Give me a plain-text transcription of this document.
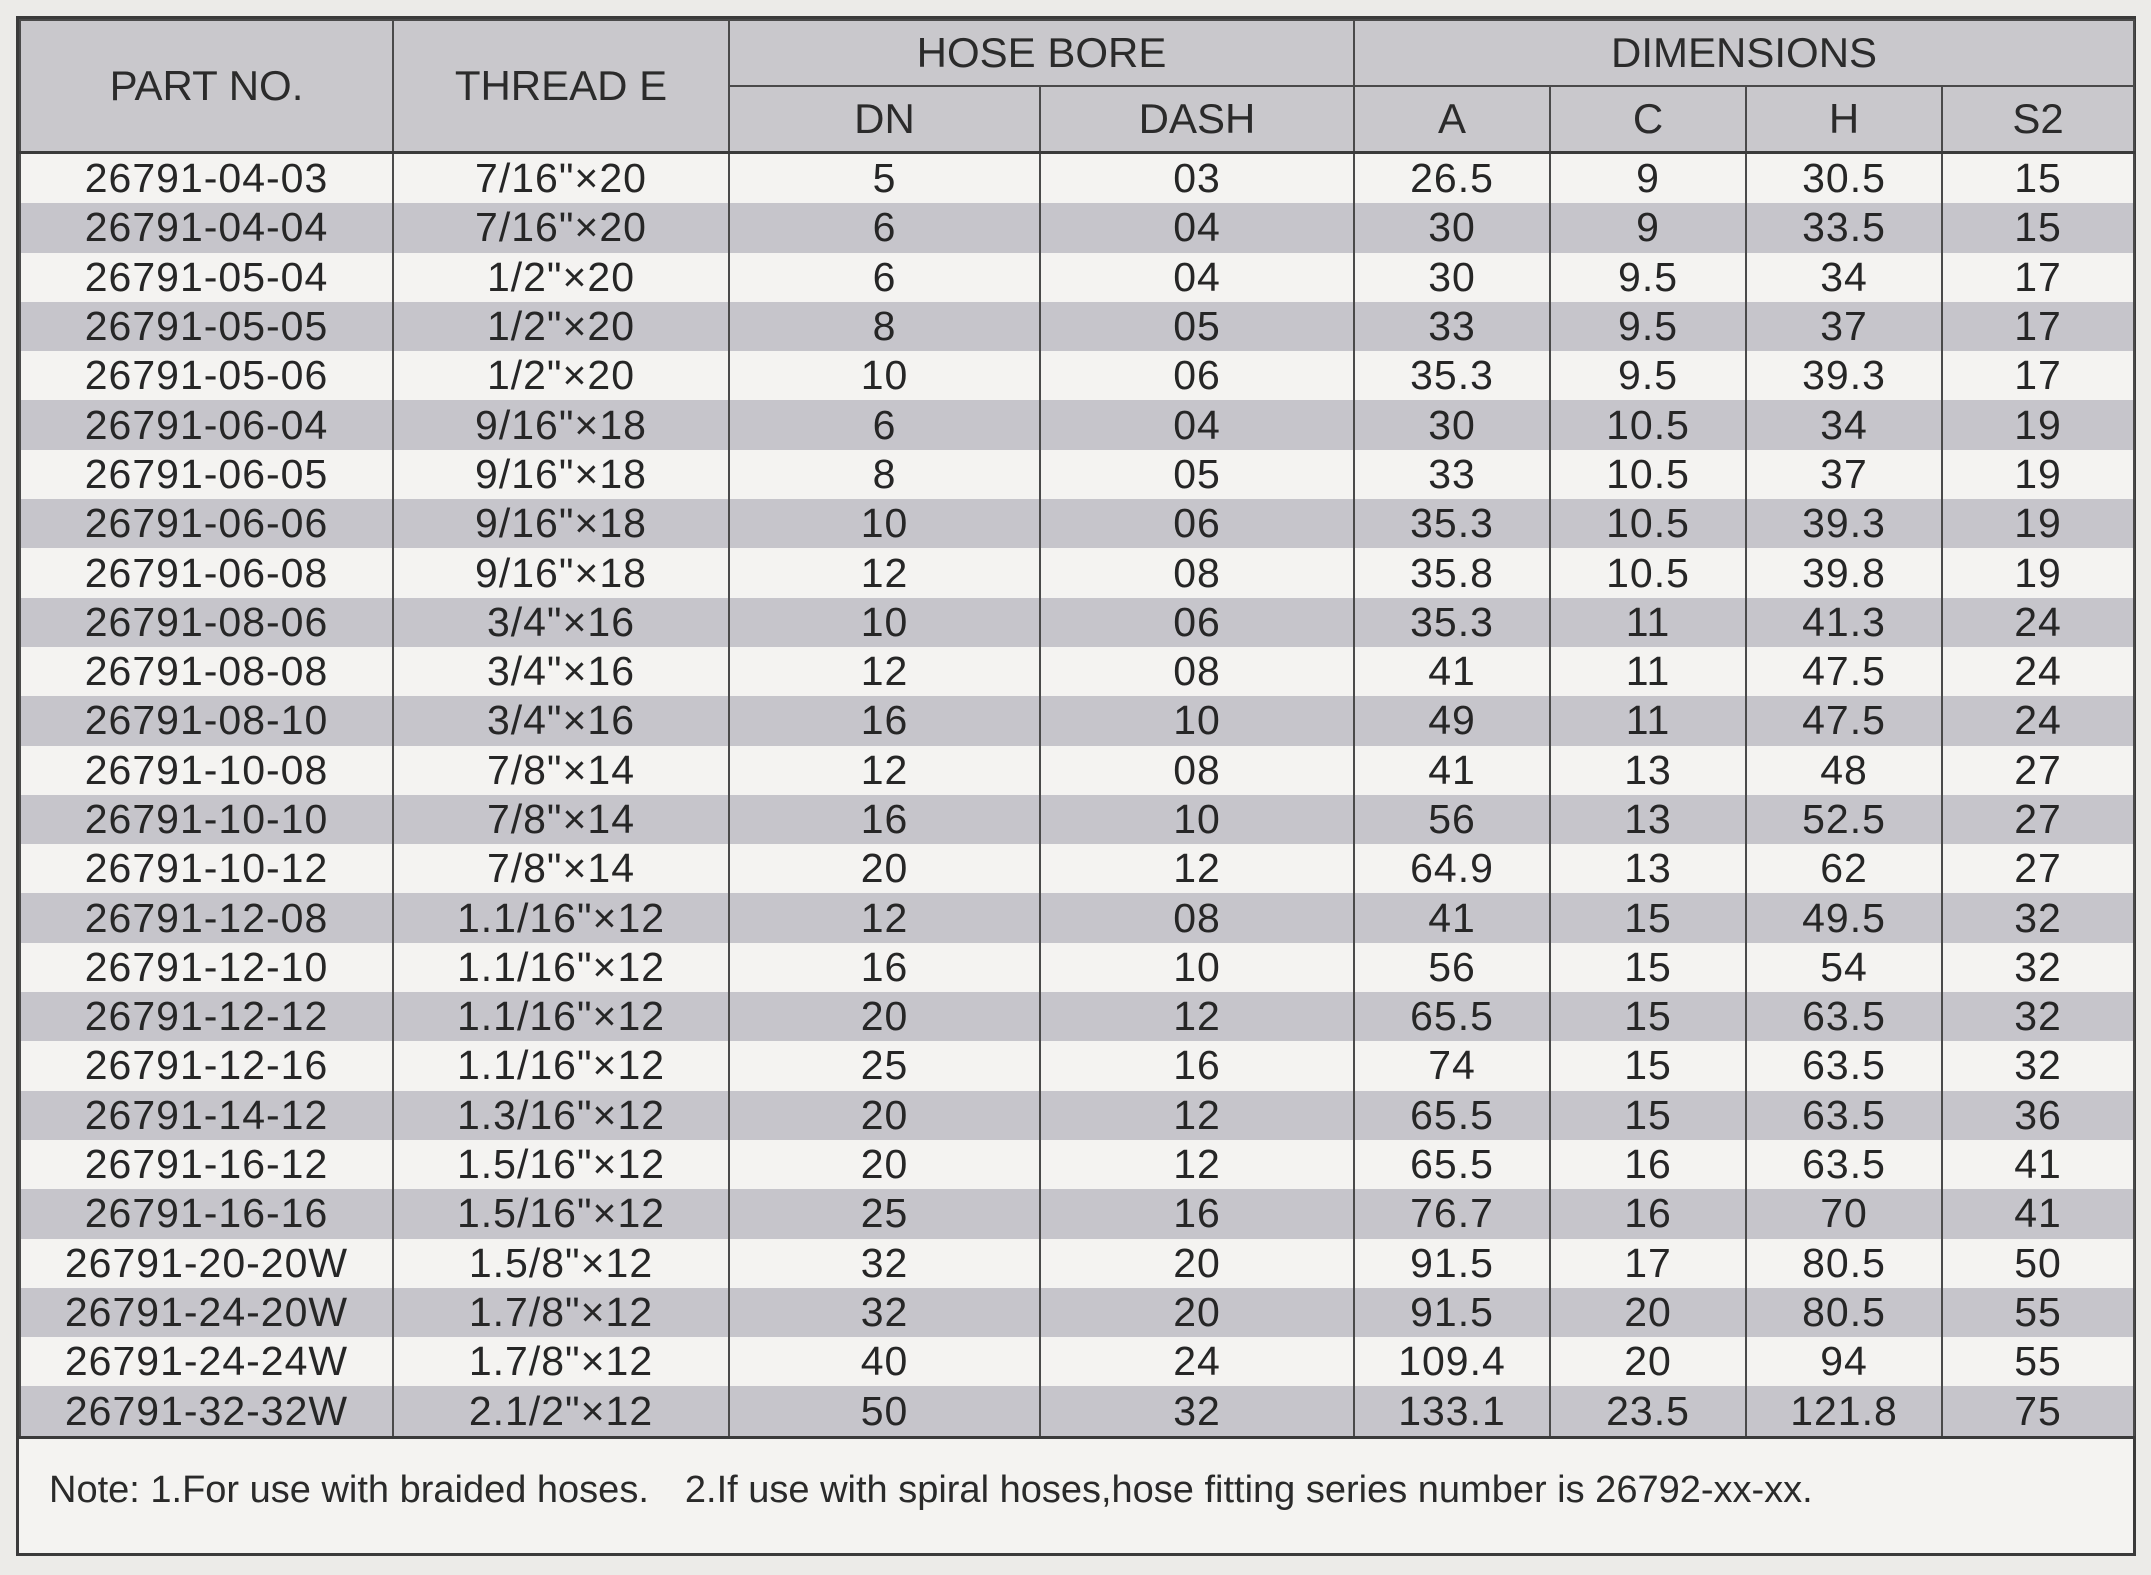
PART NO.	THREAD E	HOSE BORE		DIMENSIONS			
		DN	DASH	A	C	H	S2
26791-04-03	7/16"×20	5	03	26.5	9	30.5	15
26791-04-04	7/16"×20	6	04	30	9	33.5	15
26791-05-04	1/2"×20	6	04	30	9.5	34	17
26791-05-05	1/2"×20	8	05	33	9.5	37	17
26791-05-06	1/2"×20	10	06	35.3	9.5	39.3	17
26791-06-04	9/16"×18	6	04	30	10.5	34	19
26791-06-05	9/16"×18	8	05	33	10.5	37	19
26791-06-06	9/16"×18	10	06	35.3	10.5	39.3	19
26791-06-08	9/16"×18	12	08	35.8	10.5	39.8	19
26791-08-06	3/4"×16	10	06	35.3	11	41.3	24
26791-08-08	3/4"×16	12	08	41	11	47.5	24
26791-08-10	3/4"×16	16	10	49	11	47.5	24
26791-10-08	7/8"×14	12	08	41	13	48	27
26791-10-10	7/8"×14	16	10	56	13	52.5	27
26791-10-12	7/8"×14	20	12	64.9	13	62	27
26791-12-08	1.1/16"×12	12	08	41	15	49.5	32
26791-12-10	1.1/16"×12	16	10	56	15	54	32
26791-12-12	1.1/16"×12	20	12	65.5	15	63.5	32
26791-12-16	1.1/16"×12	25	16	74	15	63.5	32
26791-14-12	1.3/16"×12	20	12	65.5	15	63.5	36
26791-16-12	1.5/16"×12	20	12	65.5	16	63.5	41
26791-16-16	1.5/16"×12	25	16	76.7	16	70	41
26791-20-20W	1.5/8"×12	32	20	91.5	17	80.5	50
26791-24-20W	1.7/8"×12	32	20	91.5	20	80.5	55
26791-24-24W	1.7/8"×12	40	24	109.4	20	94	55
26791-32-32W	2.1/2"×12	50	32	133.1	23.5	121.8	75
Note: 1.For use with braided hoses. 2.If use with spiral hoses,hose fitting series number is 26792-xx-xx.
